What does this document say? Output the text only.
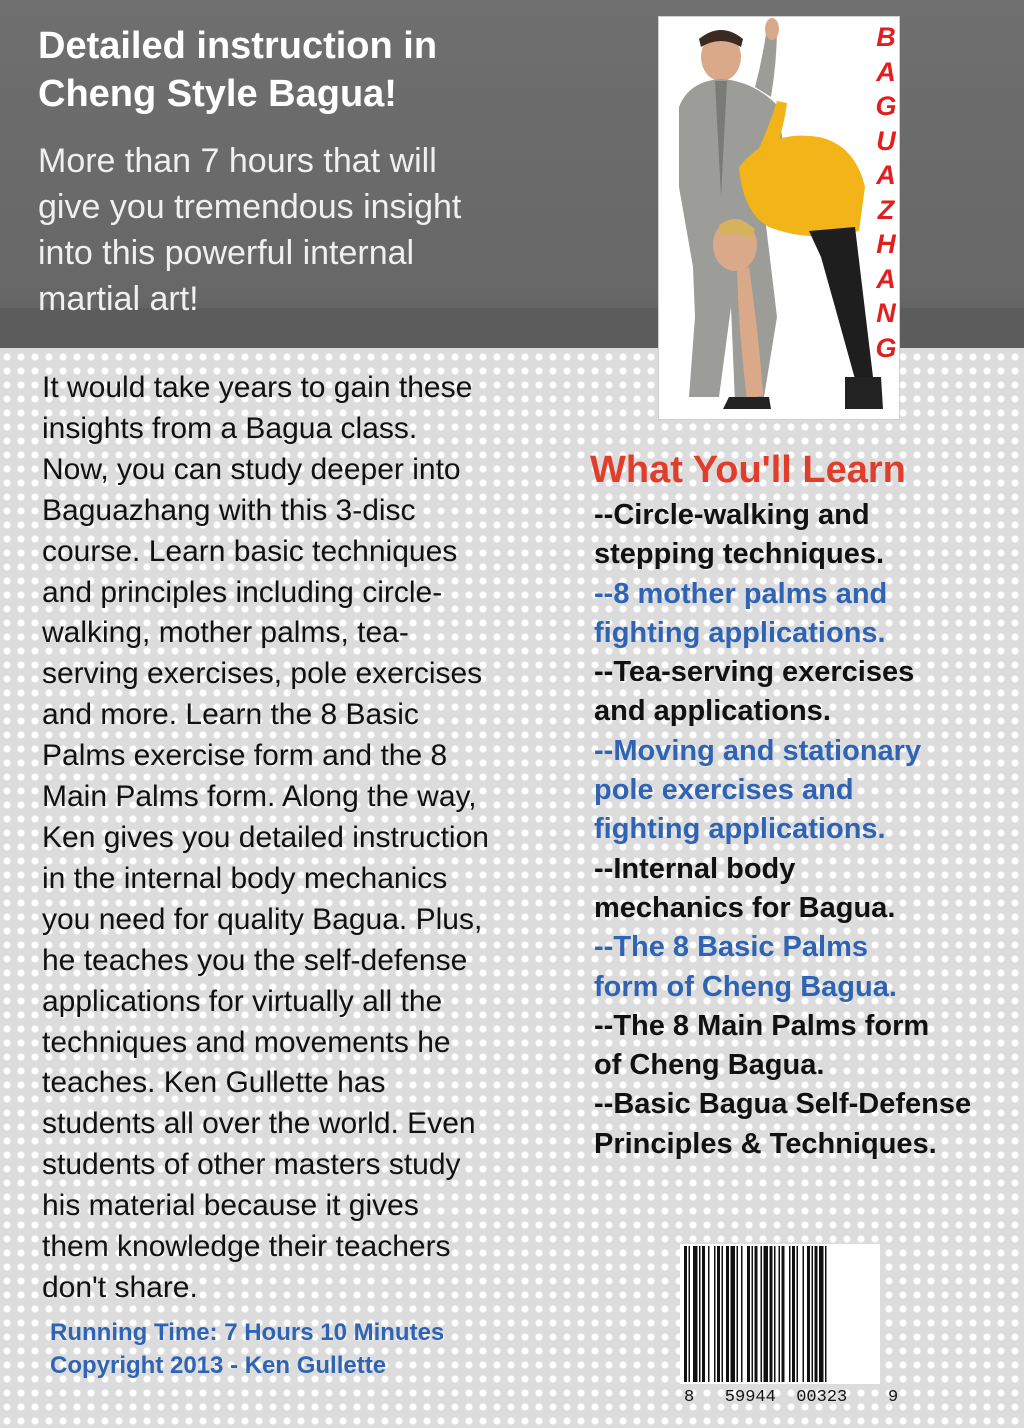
Detailed instruction in
Cheng Style Bagua!

More than 7 hours that will
give you tremendous insight
into this powerful internal
martial art!

B
A
G
U
A
Z
H
A
N
G

It would take years to gain these

insights from a Bagua class.

Now, you can study deeper into

Baguazhang with this 3-disc

course. Learn basic techniques

and principles including circle-

walking, mother palms, tea-

serving exercises, pole exercises

and more. Learn the 8 Basic

Palms exercise form and the 8

Main Palms form. Along the way,

Ken gives you detailed instruction

in the internal body mechanics

you need for quality Bagua. Plus,

he teaches you the self-defense

applications for virtually all the

techniques and movements he

teaches. Ken Gullette has

students all over the world. Even

students of other masters study

his material because it gives

them knowledge their teachers

don't share.

Running Time: 7 Hours 10 Minutes
Copyright 2013 - Ken Gullette
What You'll Learn
--Circle-walking and
stepping techniques.
--8 mother palms and
fighting applications.
--Tea-serving exercises
and applications.
--Moving and stationary
pole exercises and
fighting applications.
--Internal body
mechanics for Bagua.
--The 8 Basic Palms
form of Cheng Bagua.
--The 8 Main Palms form
of Cheng Bagua.
--Basic Bagua Self-Defense
Principles & Techniques.
8   59944  00323    9
